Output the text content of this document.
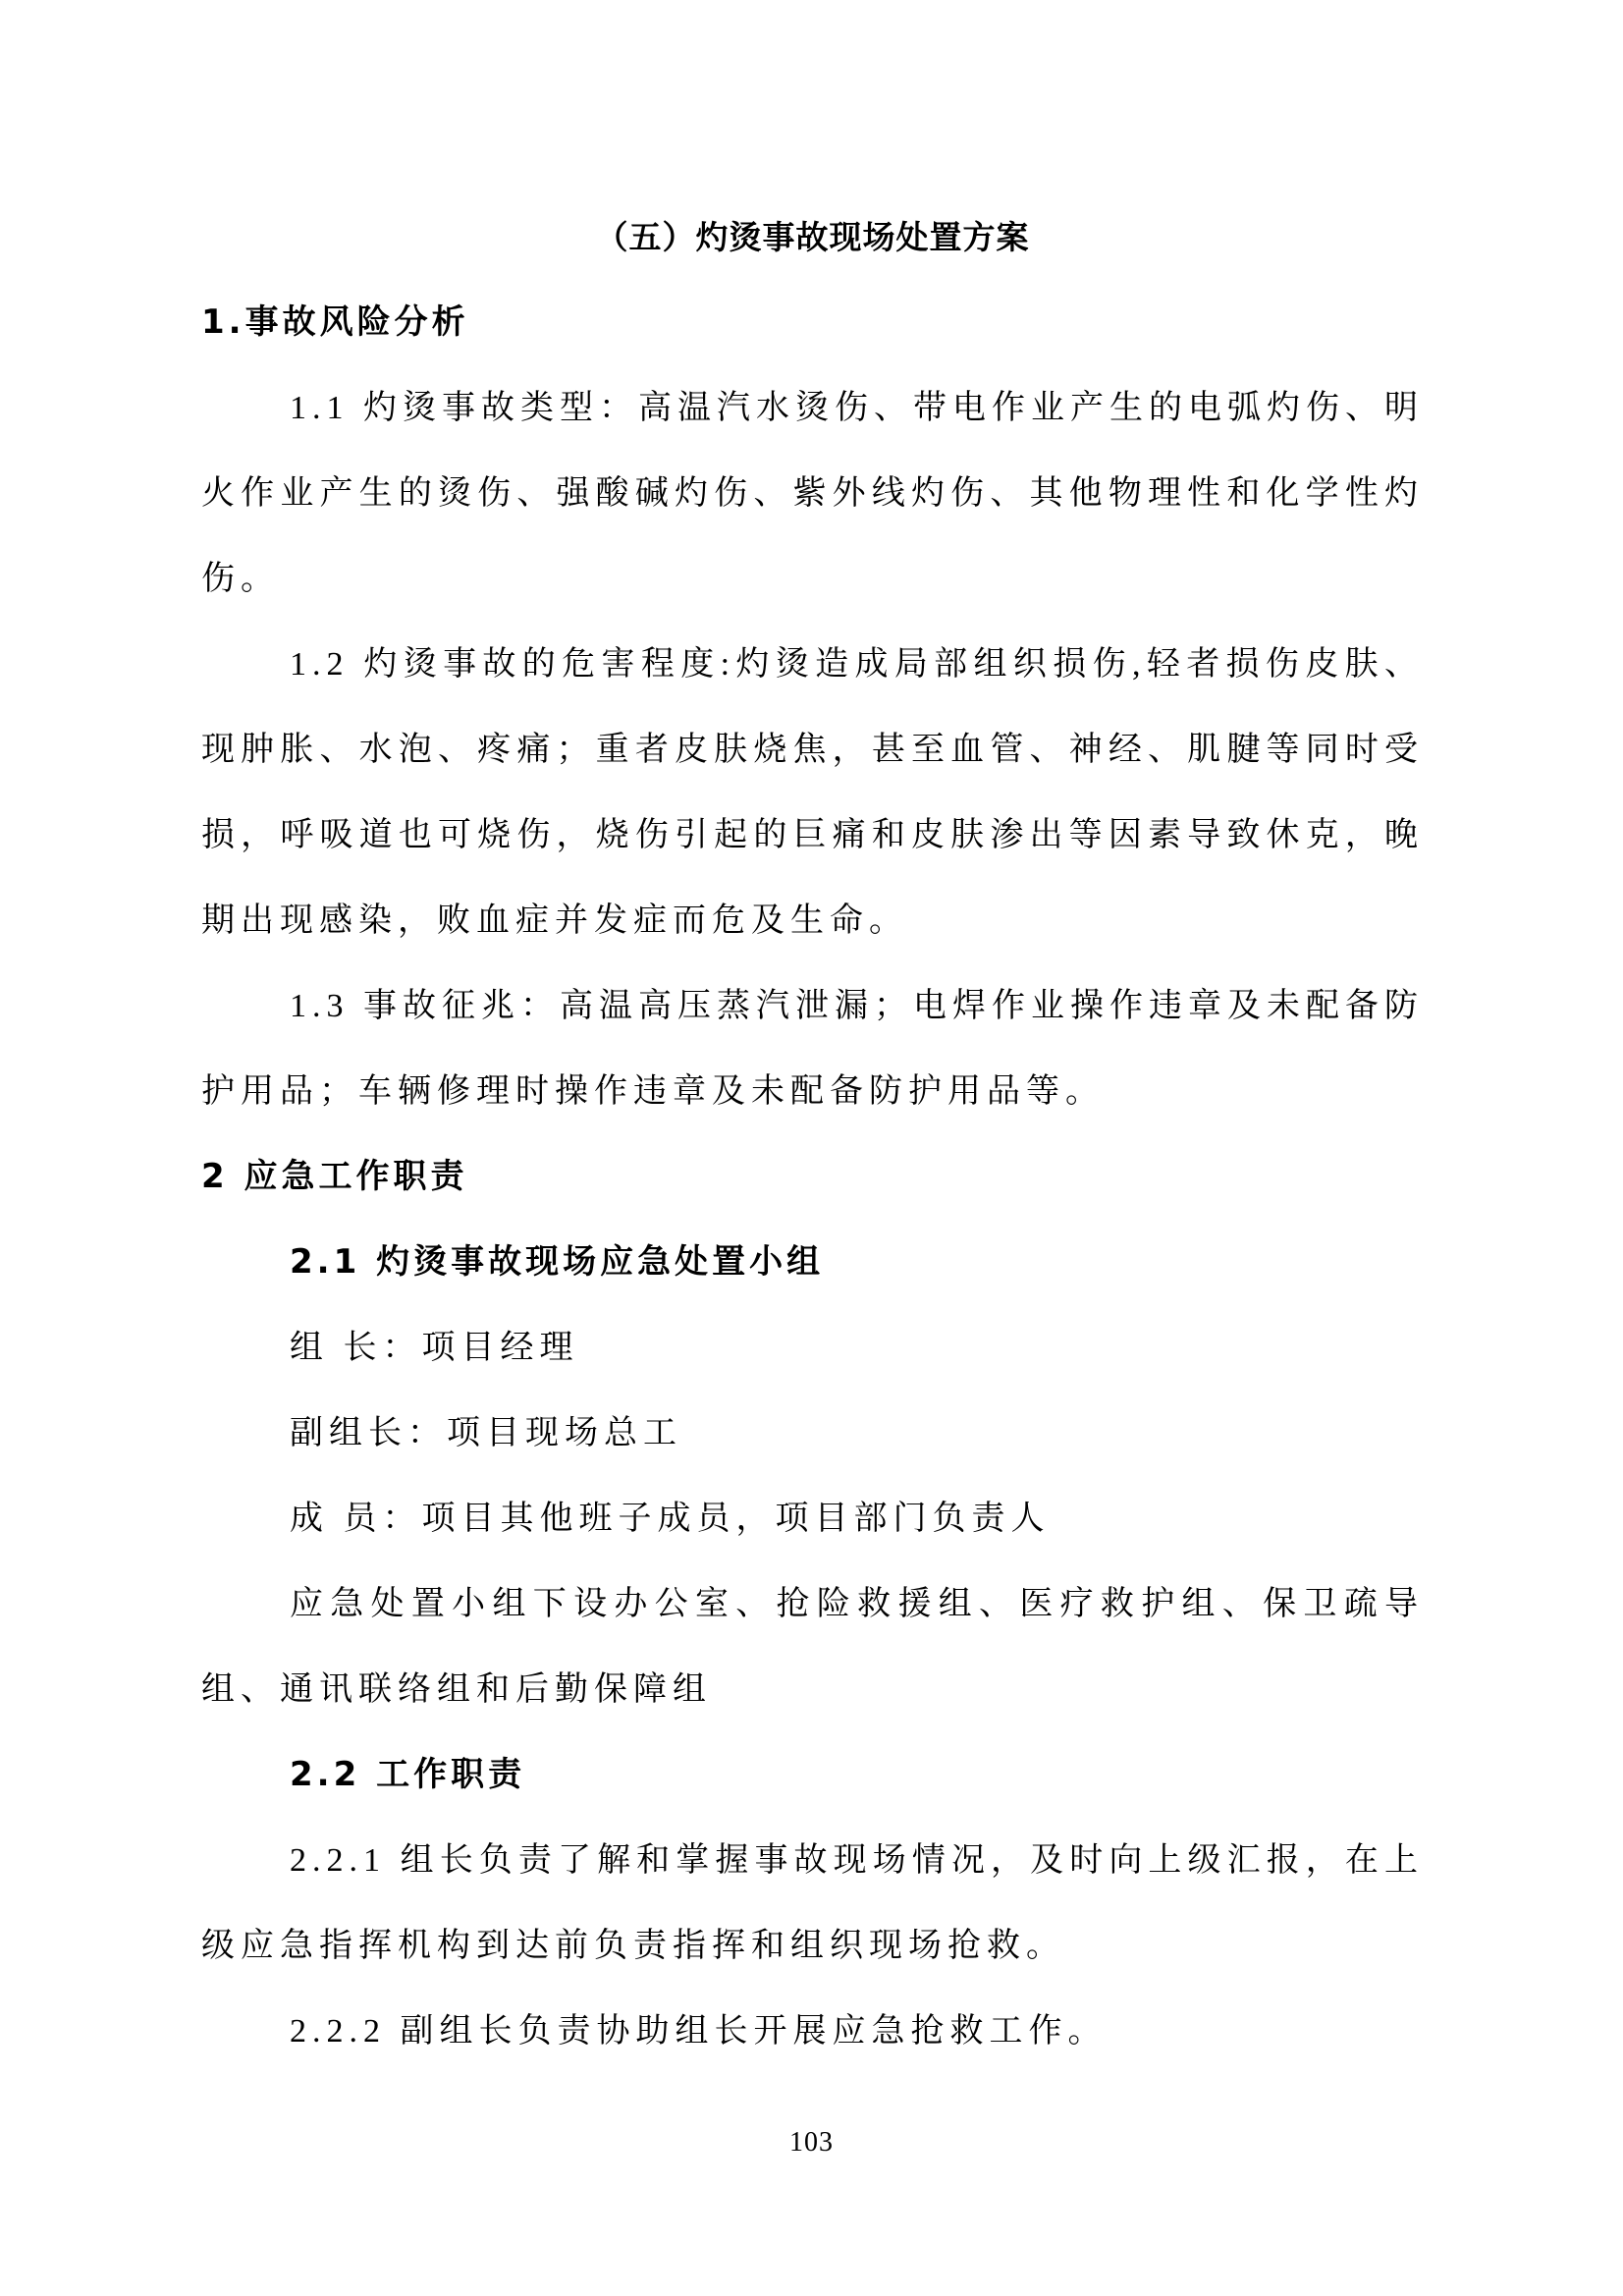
（五）灼烫事故现场处置方案
1.事故风险分析
1.1 灼烫事故类型：高温汽水烫伤、带电作业产生的电弧灼伤、明火作业产生的烫伤、强酸碱灼伤、紫外线灼伤、其他物理性和化学性灼伤。
1.2 灼烫事故的危害程度:灼烫造成局部组织损伤,轻者损伤皮肤、现肿胀、水泡、疼痛；重者皮肤烧焦，甚至血管、神经、肌腱等同时受损，呼吸道也可烧伤，烧伤引起的巨痛和皮肤渗出等因素导致休克，晚期出现感染，败血症并发症而危及生命。
1.3 事故征兆：高温高压蒸汽泄漏；电焊作业操作违章及未配备防护用品；车辆修理时操作违章及未配备防护用品等。
2 应急工作职责
2.1 灼烫事故现场应急处置小组
组 长：项目经理
副组长：项目现场总工
成 员：项目其他班子成员，项目部门负责人
应急处置小组下设办公室、抢险救援组、医疗救护组、保卫疏导组、通讯联络组和后勤保障组
2.2 工作职责
2.2.1 组长负责了解和掌握事故现场情况，及时向上级汇报，在上级应急指挥机构到达前负责指挥和组织现场抢救。
2.2.2 副组长负责协助组长开展应急抢救工作。
103
